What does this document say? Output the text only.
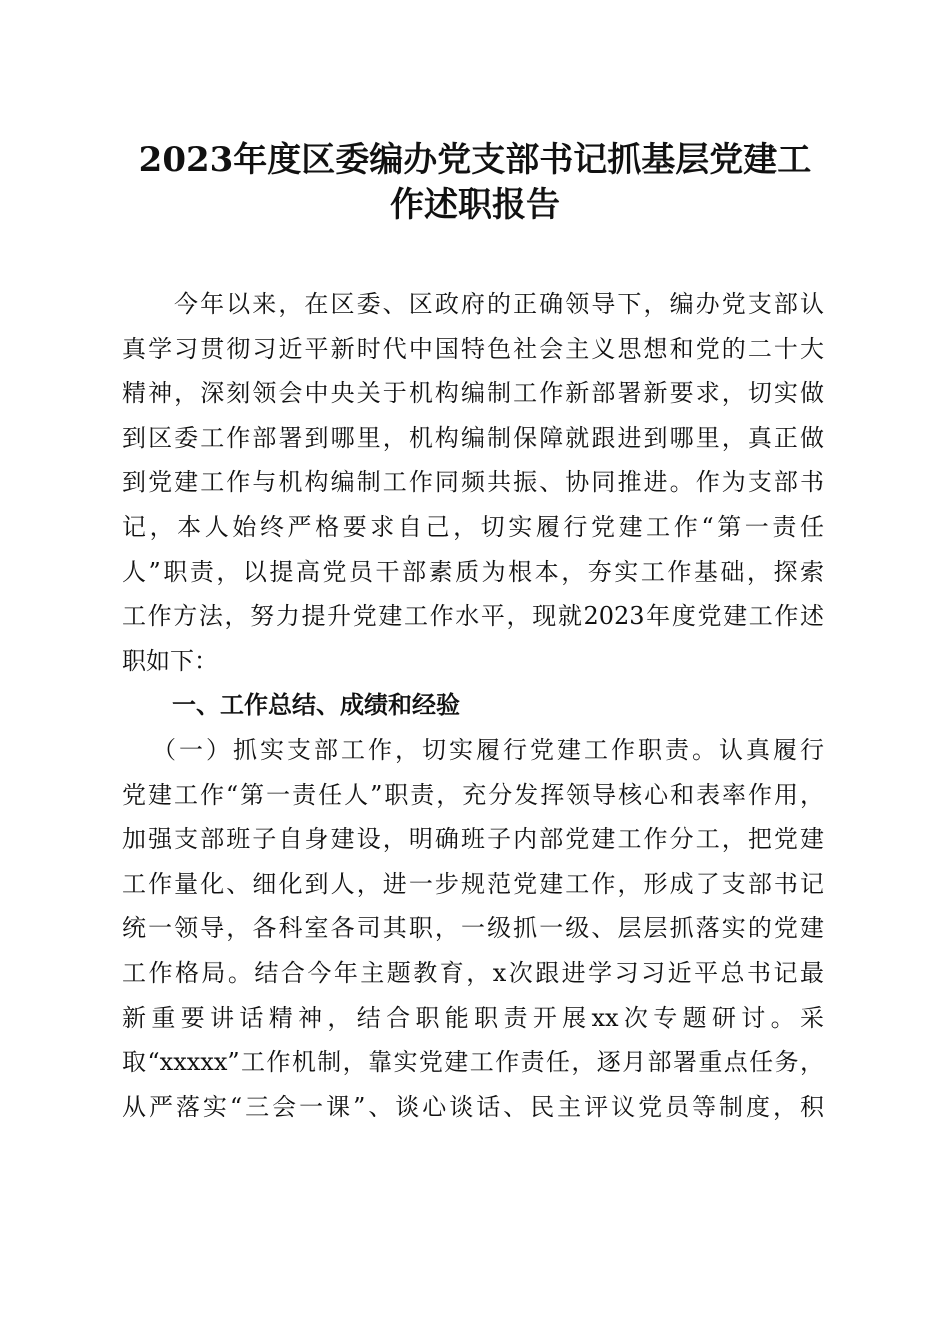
2023年度区委编办党支部书记抓基层党建工
作述职报告
今年以来，在区委、区政府的正确领导下，编办党支部认
真学习贯彻习近平新时代中国特色社会主义思想和党的二十大
精神，深刻领会中央关于机构编制工作新部署新要求，切实做
到区委工作部署到哪里，机构编制保障就跟进到哪里，真正做
到党建工作与机构编制工作同频共振、协同推进。作为支部书
记，本人始终严格要求自己，切实履行党建工作“第一责任
人”职责，以提高党员干部素质为根本，夯实工作基础，探索
工作方法，努力提升党建工作水平，现就2023年度党建工作述
职如下：
一、工作总结、成绩和经验
（一）抓实支部工作，切实履行党建工作职责。认真履行
党建工作“第一责任人”职责，充分发挥领导核心和表率作用，
加强支部班子自身建设，明确班子内部党建工作分工，把党建
工作量化、细化到人，进一步规范党建工作，形成了支部书记
统一领导，各科室各司其职，一级抓一级、层层抓落实的党建
工作格局。结合今年主题教育，x次跟进学习习近平总书记最
新重要讲话精神，结合职能职责开展xx次专题研讨。采
取“xxxxx”工作机制，靠实党建工作责任，逐月部署重点任务，
从严落实“三会一课”、谈心谈话、民主评议党员等制度，积
